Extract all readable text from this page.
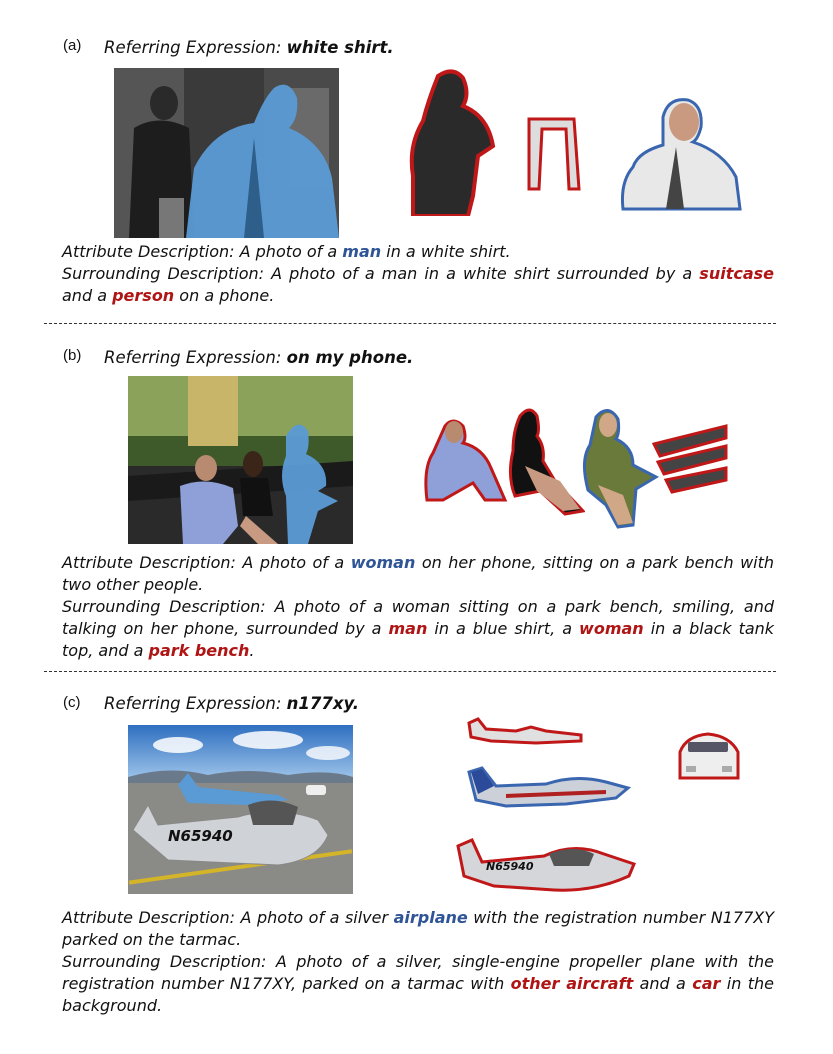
(a) Referring Expression: white shirt.

Attribute Description: A photo of a man in a white shirt.

Surrounding Description: A photo of a man in a white shirt surrounded by a suitcase and a person on a phone.

(b) Referring Expression: on my phone.

Attribute Description: A photo of a woman on her phone, sitting on a park bench with two other people.

Surrounding Description: A photo of a woman sitting on a park bench, smiling, and talking on her phone, surrounded by a man in a blue shirt, a woman in a black tank top, and a park bench.

(c) Referring Expression: n177xy.
N65940
N65940

Attribute Description: A photo of a silver airplane with the registration number N177XY parked on the tarmac.

Surrounding Description: A photo of a silver, single-engine propeller plane with the registration number N177XY, parked on a tarmac with other aircraft and a car in the background.
